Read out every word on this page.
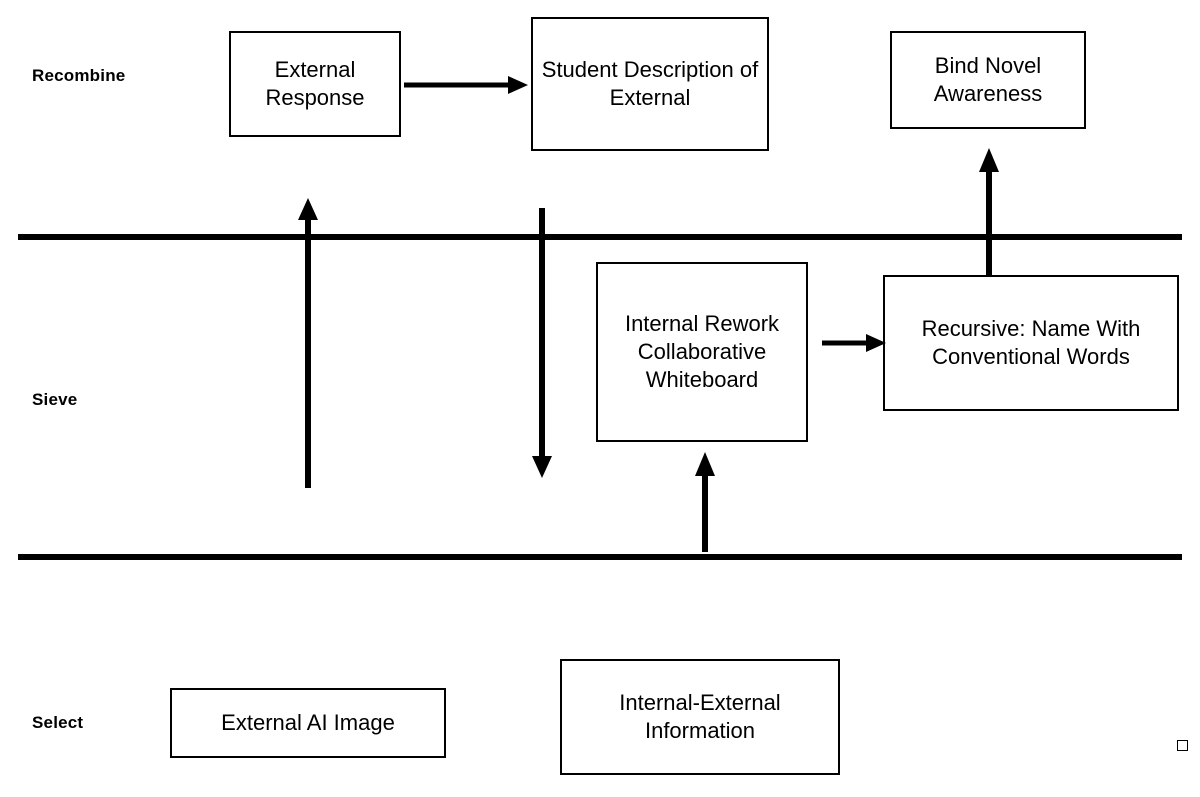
Recombine
Sieve
Select
External Response
Student Description of External
Bind Novel Awareness
Internal Rework Collaborative Whiteboard
Recursive: Name With Conventional Words
External AI Image
Internal-External Information
